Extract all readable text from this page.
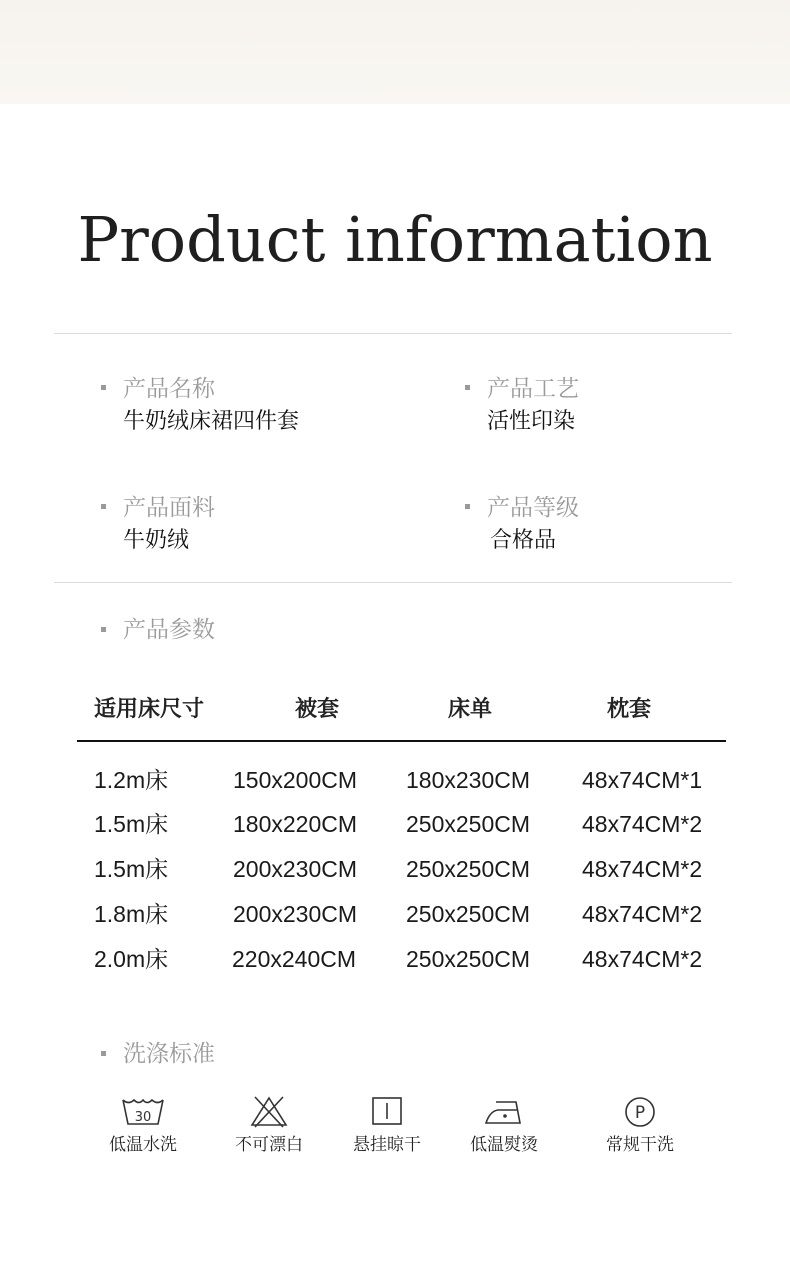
Product information
产品名称
牛奶绒床裙四件套
产品工艺
活性印染
产品面料
牛奶绒
产品等级
合格品
产品参数
适用床尺寸	被套	床单	枕套
1.2m床	150x200CM 180x230CM 48x74CM*1
1.5m床	180x220CM 250x250CM 48x74CM*2
1.5m床	200x230CM 250x250CM 48x74CM*2
1.8m床	200x230CM 250x250CM 48x74CM*2
2.0m床	220x240CM 250x250CM 48x74CM*2
洗涤标准
30
低温水洗	不可漂白	悬挂晾干	低温熨烫
P
常规干洗
